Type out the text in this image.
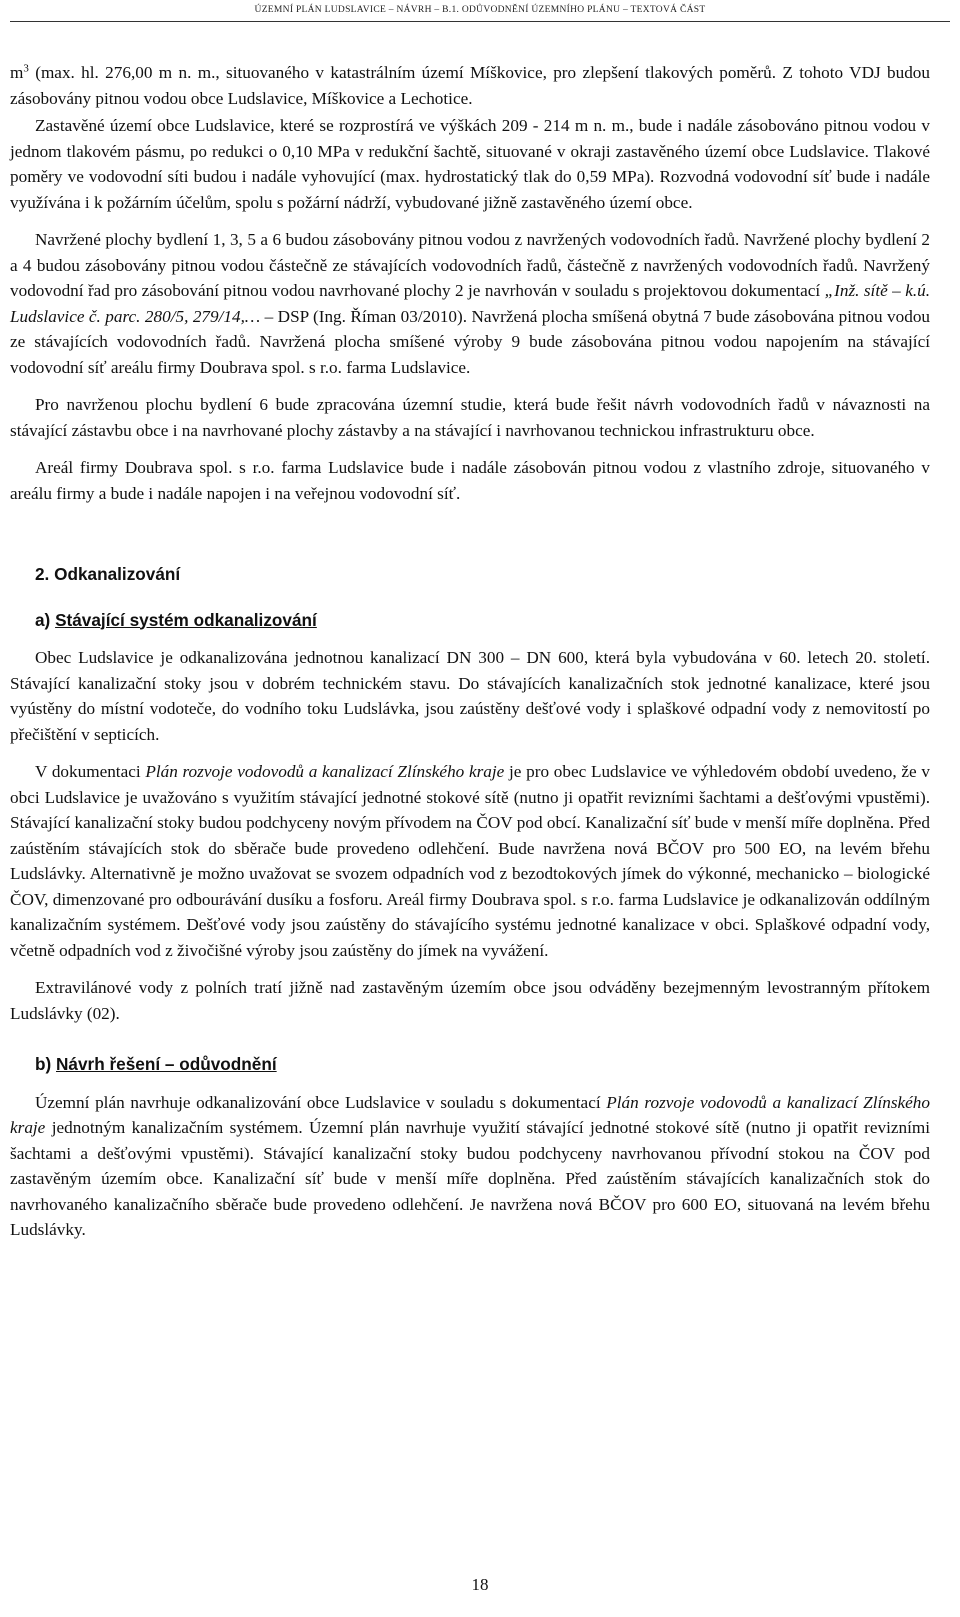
ÚZEMNÍ PLÁN LUDSLAVICE – NÁVRH – B.1. ODŮVODNĚNÍ ÚZEMNÍHO PLÁNU – TEXTOVÁ ČÁST

$m^3$ (max. hl. 276,00 m n. m., situovaného v katastrálním území Míškovice, pro zlepšení tlakových poměrů. Z tohoto VDJ budou zásobovány pitnou vodou obce Ludslavice, Míškovice a Lechotice.

Zastavěné území obce Ludslavice, které se rozprostírá ve výškách 209 - 214 m n. m., bude i nadále zásobováno pitnou vodou v jednom tlakovém pásmu, po redukci o 0,10 MPa v redukční šachtě, situované v okraji zastavěného území obce Ludslavice. Tlakové poměry ve vodovodní síti budou i nadále vyhovující (max. hydrostatický tlak do 0,59 MPa). Rozvodná vodovodní síť bude i nadále využívána i k požárním účelům, spolu s požární nádrží, vybudované jižně zastavěného území obce.

Navržené plochy bydlení 1, 3, 5 a 6 budou zásobovány pitnou vodou z navržených vodovodních řadů. Navržené plochy bydlení 2 a 4 budou zásobovány pitnou vodou částečně ze stávajících vodovodních řadů, částečně z navržených vodovodních řadů. Navržený vodovodní řad pro zásobování pitnou vodou navrhované plochy 2 je navrhován v souladu s projektovou dokumentací „Inž. sítě – k.ú. Ludslavice č. parc. 280/5, 279/14,… – DSP (Ing. Říman 03/2010). Navržená plocha smíšená obytná 7 bude zásobována pitnou vodou ze stávajících vodovodních řadů. Navržená plocha smíšené výroby 9 bude zásobována pitnou vodou napojením na stávající vodovodní síť areálu firmy Doubrava spol. s r.o. farma Ludslavice.

Pro navrženou plochu bydlení 6 bude zpracována územní studie, která bude řešit návrh vodovodních řadů v návaznosti na stávající zástavbu obce i na navrhované plochy zástavby a na stávající i navrhovanou technickou infrastrukturu obce.

Areál firmy Doubrava spol. s r.o. farma Ludslavice bude i nadále zásobován pitnou vodou z vlastního zdroje, situovaného v areálu firmy a bude i nadále napojen i na veřejnou vodovodní síť.

2. Odkanalizování
a) Stávající systém odkanalizování

Obec Ludslavice je odkanalizována jednotnou kanalizací DN 300 – DN 600, která byla vybudována v 60. letech 20. století. Stávající kanalizační stoky jsou v dobrém technickém stavu. Do stávajících kanalizačních stok jednotné kanalizace, které jsou vyústěny do místní vodoteče, do vodního toku Ludslávka, jsou zaústěny dešťové vody i splaškové odpadní vody z nemovitostí po přečištění v septicích.

V dokumentaci Plán rozvoje vodovodů a kanalizací Zlínského kraje je pro obec Ludslavice ve výhledovém období uvedeno, že v obci Ludslavice je uvažováno s využitím stávající jednotné stokové sítě (nutno ji opatřit revizními šachtami a dešťovými vpustěmi). Stávající kanalizační stoky budou podchyceny novým přívodem na ČOV pod obcí. Kanalizační síť bude v menší míře doplněna. Před zaústěním stávajících stok do sběrače bude provedeno odlehčení. Bude navržena nová BČOV pro 500 EO, na levém břehu Ludslávky. Alternativně je možno uvažovat se svozem odpadních vod z bezodtokových jímek do výkonné, mechanicko – biologické ČOV, dimenzované pro odbourávání dusíku a fosforu. Areál firmy Doubrava spol. s r.o. farma Ludslavice je odkanalizován oddílným kanalizačním systémem. Dešťové vody jsou zaústěny do stávajícího systému jednotné kanalizace v obci. Splaškové odpadní vody, včetně odpadních vod z živočišné výroby jsou zaústěny do jímek na vyvážení.

Extravilánové vody z polních tratí jižně nad zastavěným územím obce jsou odváděny bezejmenným levostranným přítokem Ludslávky (02).

b) Návrh řešení – odůvodnění

Územní plán navrhuje odkanalizování obce Ludslavice v souladu s dokumentací Plán rozvoje vodovodů a kanalizací Zlínského kraje jednotným kanalizačním systémem. Územní plán navrhuje využití stávající jednotné stokové sítě (nutno ji opatřit revizními šachtami a dešťovými vpustěmi). Stávající kanalizační stoky budou podchyceny navrhovanou přívodní stokou na ČOV pod zastavěným územím obce. Kanalizační síť bude v menší míře doplněna. Před zaústěním stávajících kanalizačních stok do navrhovaného kanalizačního sběrače bude provedeno odlehčení. Je navržena nová BČOV pro 600 EO, situovaná na levém břehu Ludslávky.

18
